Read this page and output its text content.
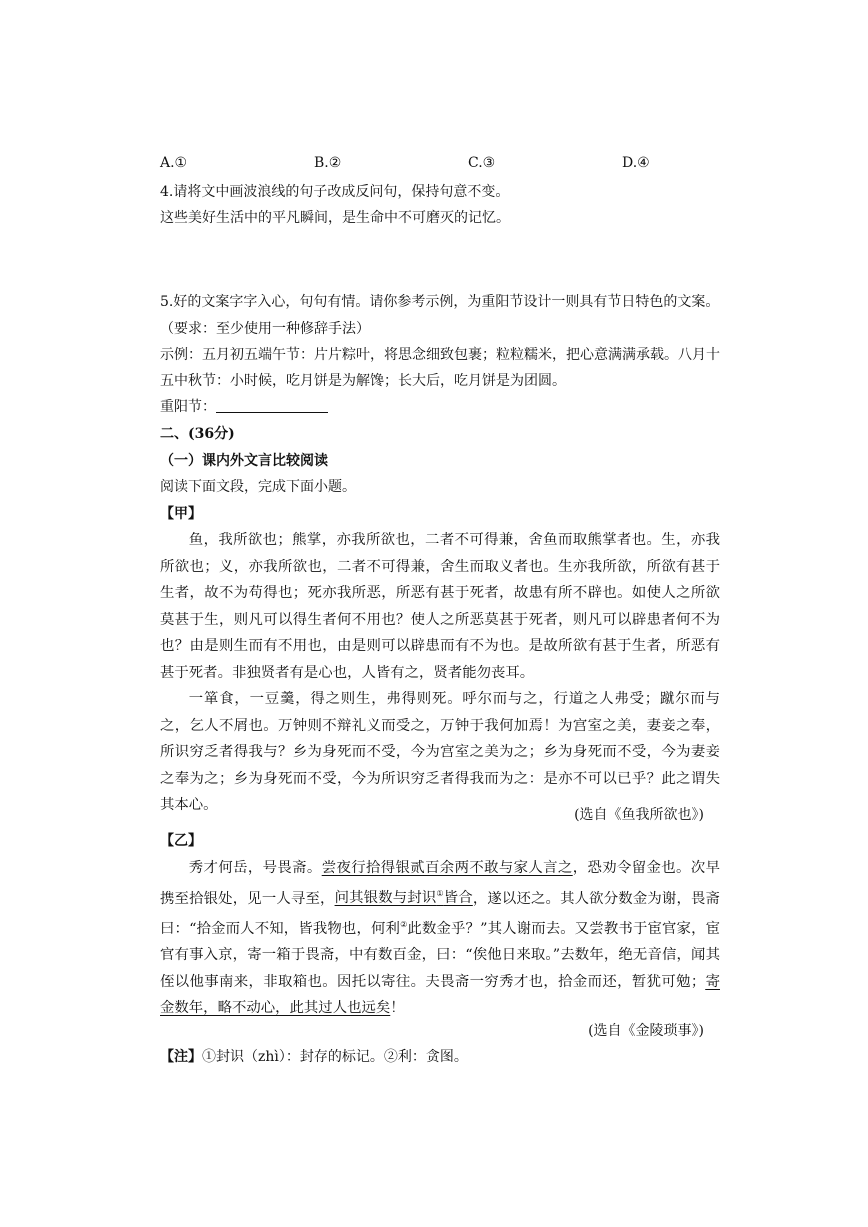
A.①	B.②	C.③	D.④
4.请将文中画波浪线的句子改成反问句，保持句意不变。
这些美好生活中的平凡瞬间，是生命中不可磨灭的记忆。
5.好的文案字字入心，句句有情。请你参考示例，为重阳节设计一则具有节日特色的文案。
（要求：至少使用一种修辞手法）
示例：五月初五端午节：片片粽叶，将思念细致包裹；粒粒糯米，把心意满满承载。八月十
五中秋节：小时候，吃月饼是为解馋；长大后，吃月饼是为团圆。
重阳节：
二、(36分)
（一）课内外文言比较阅读
阅读下面文段，完成下面小题。
【甲】

鱼，我所欲也；熊掌，亦我所欲也，二者不可得兼，舍鱼而取熊掌者也。生，亦我所欲也；义，亦我所欲也，二者不可得兼，舍生而取义者也。生亦我所欲，所欲有甚于生者，故不为苟得也；死亦我所恶，所恶有甚于死者，故患有所不辟也。如使人之所欲莫甚于生，则凡可以得生者何不用也？使人之所恶莫甚于死者，则凡可以辟患者何不为也？由是则生而有不用也，由是则可以辟患而有不为也。是故所欲有甚于生者，所恶有甚于死者。非独贤者有是心也，人皆有之，贤者能勿丧耳。

一箪食，一豆羹，得之则生，弗得则死。呼尔而与之，行道之人弗受；蹴尔而与之，乞人不屑也。万钟则不辩礼义而受之，万钟于我何加焉！为宫室之美，妻妾之奉，所识穷乏者得我与？乡为身死而不受，今为宫室之美为之；乡为身死而不受，今为妻妾之奉为之；乡为身死而不受，今为所识穷乏者得我而为之：是亦不可以已乎？此之谓失其本心。

(选自《鱼我所欲也》)
【乙】

秀才何岳，号畏斋。尝夜行拾得银贰百余两不敢与家人言之，恐劝令留金也。次早携至拾银处，见一人寻至，问其银数与封识①皆合，遂以还之。其人欲分数金为谢，畏斋曰：“拾金而人不知，皆我物也，何利②此数金乎？”其人谢而去。又尝教书于宦官家，宦官有事入京，寄一箱于畏斋，中有数百金，曰：“俟他日来取。”去数年，绝无音信，闻其侄以他事南来，非取箱也。因托以寄往。夫畏斋一穷秀才也，拾金而还，暂犹可勉；寄金数年，略不动心，此其过人也远矣！

(选自《金陵琐事》)
【注】①封识（zhì）：封存的标记。②利：贪图。
